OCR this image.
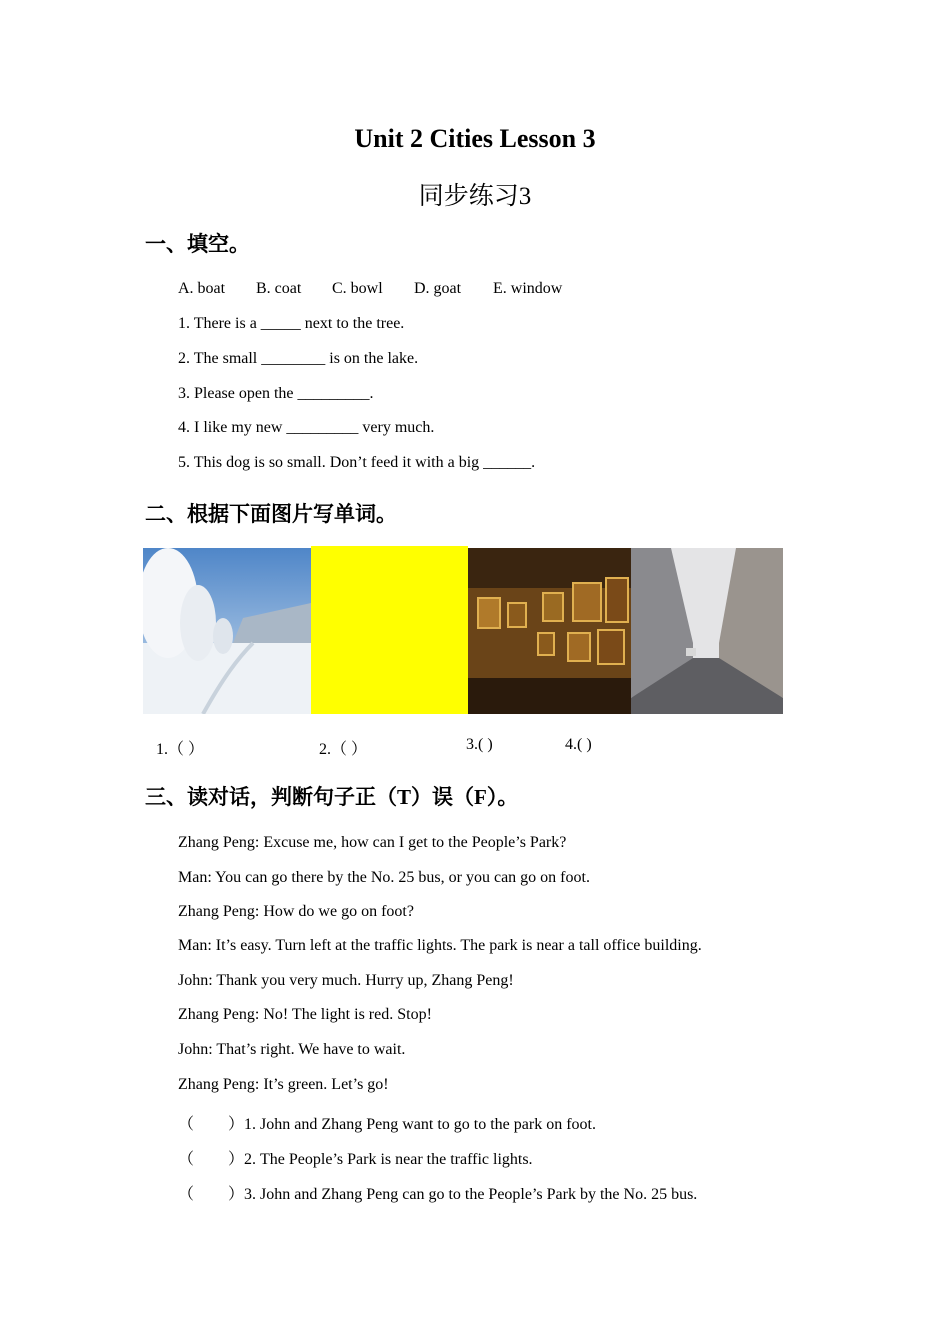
Unit 2 Cities Lesson 3
同步练习3
一、填空。
A. boat B. coat C. bowl D. goat E. window
1. There is a _____ next to the tree.
2. The small ________ is on the lake.
3. Please open the _________.
4. I like my new _________ very much.
5. This dog is so small. Don’t feed it with a big ______.
二、根据下面图片写单词。
1.（ ）	2.（ ）	3.( )	4.( )
三、读对话，判断句子正（T）误（F）。
Zhang Peng: Excuse me, how can I get to the People’s Park?
Man: You can go there by the No. 25 bus, or you can go on foot.
Zhang Peng: How do we go on foot?
Man: It’s easy. Turn left at the traffic lights. The park is near a tall office building.
John: Thank you very much. Hurry up, Zhang Peng!
Zhang Peng: No! The light is red. Stop!
John: That’s right. We have to wait.
Zhang Peng: It’s green. Let’s go!
（ ）1. John and Zhang Peng want to go to the park on foot.
（ ）2. The People’s Park is near the traffic lights.
（ ）3. John and Zhang Peng can go to the People’s Park by the No. 25 bus.
